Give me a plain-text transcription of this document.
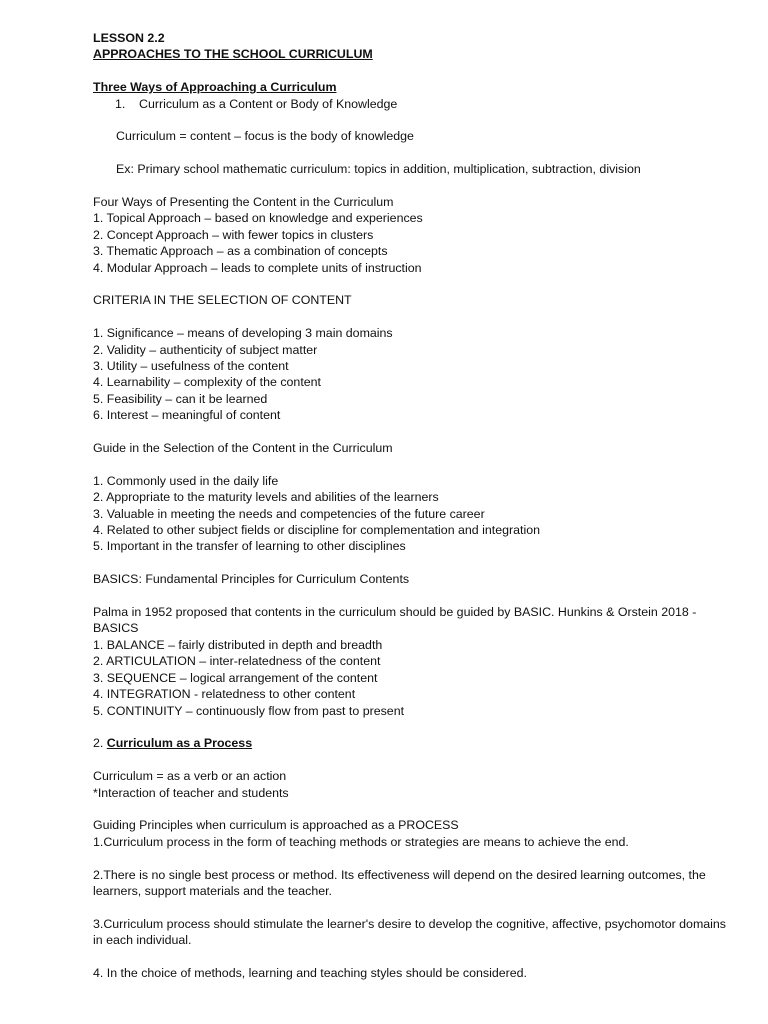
LESSON 2.2
APPROACHES TO THE SCHOOL CURRICULUM
Three Ways of Approaching a Curriculum
1. Curriculum as a Content or Body of Knowledge
Curriculum = content – focus is the body of knowledge
Ex: Primary school mathematic curriculum: topics in addition, multiplication, subtraction, division
Four Ways of Presenting the Content in the Curriculum
1. Topical Approach – based on knowledge and experiences
2. Concept Approach – with fewer topics in clusters
3. Thematic Approach – as a combination of concepts
4. Modular Approach – leads to complete units of instruction
CRITERIA IN THE SELECTION OF CONTENT
1. Significance – means of developing 3 main domains
2. Validity – authenticity of subject matter
3. Utility – usefulness of the content
4. Learnability – complexity of the content
5. Feasibility – can it be learned
6. Interest – meaningful of content
Guide in the Selection of the Content in the Curriculum
1. Commonly used in the daily life
2. Appropriate to the maturity levels and abilities of the learners
3. Valuable in meeting the needs and competencies of the future career
4. Related to other subject fields or discipline for complementation and integration
5. Important in the transfer of learning to other disciplines
BASICS: Fundamental Principles for Curriculum Contents
Palma in 1952 proposed that contents in the curriculum should be guided by BASIC. Hunkins & Orstein 2018 - BASICS
1. BALANCE – fairly distributed in depth and breadth
2. ARTICULATION – inter-relatedness of the content
3. SEQUENCE – logical arrangement of the content
4. INTEGRATION - relatedness to other content
5. CONTINUITY – continuously flow from past to present
2. Curriculum as a Process
Curriculum = as a verb or an action
*Interaction of teacher and students
Guiding Principles when curriculum is approached as a PROCESS
1.Curriculum process in the form of teaching methods or strategies are means to achieve the end.
2.There is no single best process or method. Its effectiveness will depend on the desired learning outcomes, the learners, support materials and the teacher.
3.Curriculum process should stimulate the learner's desire to develop the cognitive, affective, psychomotor domains in each individual.
4. In the choice of methods, learning and teaching styles should be considered.
